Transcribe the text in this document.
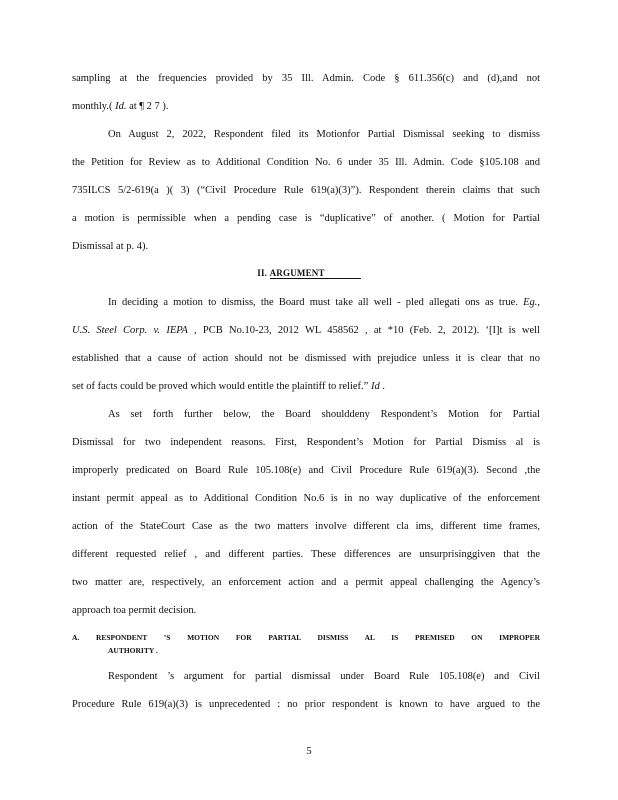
sampling at the frequencies provided by 35 Ill. Admin. Code § 611.356(c) and (d),and not
monthly.( Id. at ¶ 2 7 ).
On August 2, 2022, Respondent filed its Motionfor Partial Dismissal seeking to dismiss
the Petition for Review as to Additional Condition No. 6 under 35 Ill. Admin. Code §105.108 and
735ILCS 5/2-619(a )( 3) (“Civil Procedure Rule 619(a)(3)”). Respondent therein claims that such
a motion is permissible when a pending case is “duplicative” of another. ( Motion for Partial
Dismissal at p. 4).
II. ARGUMENT
In deciding a motion to dismiss, the Board must take all well - pled allegati ons as true. Eg.,
U.S. Steel Corp. v. IEPA , PCB No.10-23, 2012 WL 458562 , at *10 (Feb. 2, 2012). ‘[I]t is well
established that a cause of action should not be dismissed with prejudice unless it is clear that no
set of facts could be proved which would entitle the plaintiff to relief.” Id .
As set forth further below, the Board shoulddeny Respondent’s Motion for Partial
Dismissal for two independent reasons. First, Respondent’s Motion for Partial Dismiss al is
improperly predicated on Board Rule 105.108(e) and Civil Procedure Rule 619(a)(3). Second ,the
instant permit appeal as to Additional Condition No.6 is in no way duplicative of the enforcement
action of the StateCourt Case as the two matters involve different cla ims, different time frames,
different requested relief , and different parties. These differences are unsurprisinggiven that the
two matter are, respectively, an enforcement action and a permit appeal challenging the Agency’s
approach toa permit decision.
A. RESPONDENT ’S MOTION FOR PARTIAL DISMISS AL IS PREMISED ON IMPROPER
AUTHORITY .
Respondent ’s argument for partial dismissal under Board Rule 105.108(e) and Civil
Procedure Rule 619(a)(3) is unprecedented : no prior respondent is known to have argued to the
5
